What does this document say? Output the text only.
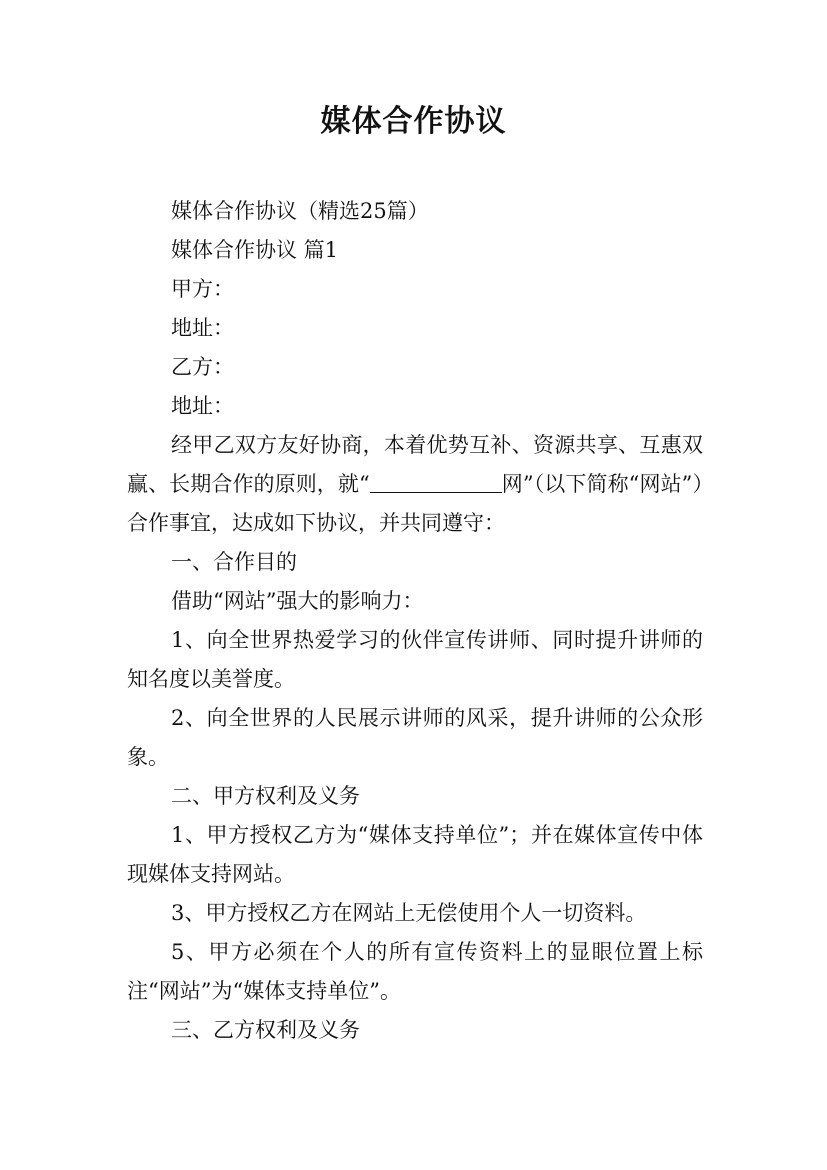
媒体合作协议

媒体合作协议（精选25篇）

媒体合作协议 篇1

甲方：

地址：

乙方：

地址：

经甲乙双方友好协商，本着优势互补、资源共享、互惠双赢、长期合作的原则，就“	网”（以下简称“网站”）合作事宜，达成如下协议，并共同遵守：

一、合作目的

借助“网站”强大的影响力：

1、向全世界热爱学习的伙伴宣传讲师、同时提升讲师的知名度以美誉度。

2、向全世界的人民展示讲师的风采，提升讲师的公众形象。

二、甲方权利及义务

1、甲方授权乙方为“媒体支持单位”；并在媒体宣传中体现媒体支持网站。

3、甲方授权乙方在网站上无偿使用个人一切资料。

5、甲方必须在个人的所有宣传资料上的显眼位置上标注“网站”为“媒体支持单位”。

三、乙方权利及义务
